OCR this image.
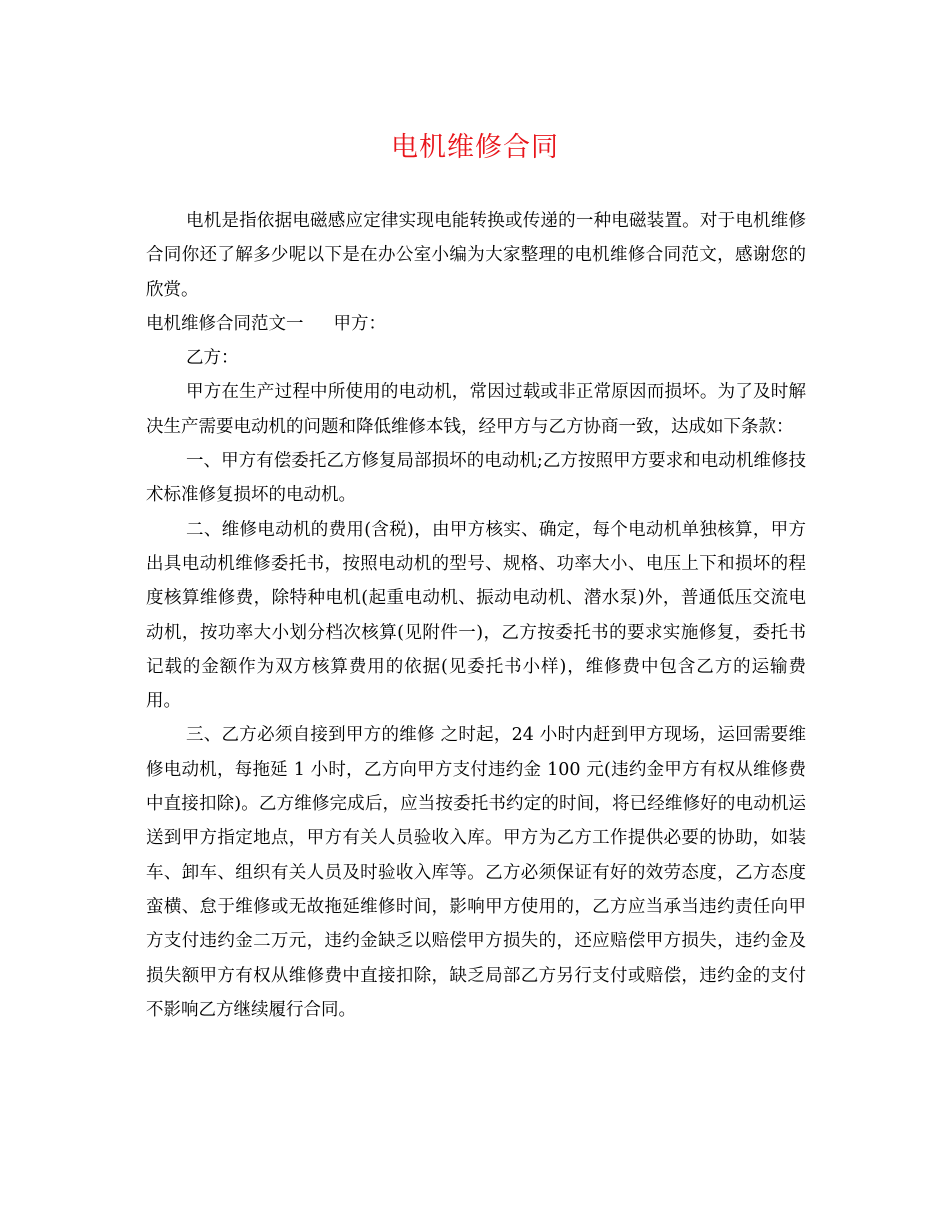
电机维修合同

电机是指依据电磁感应定律实现电能转换或传递的一种电磁装置。对于电机维修合同你还了解多少呢以下是在办公室小编为大家整理的电机维修合同范文，感谢您的欣赏。

电机维修合同范文一 甲方：

乙方：

甲方在生产过程中所使用的电动机，常因过载或非正常原因而损坏。为了及时解决生产需要电动机的问题和降低维修本钱，经甲方与乙方协商一致，达成如下条款：

一、甲方有偿委托乙方修复局部损坏的电动机;乙方按照甲方要求和电动机维修技术标准修复损坏的电动机。

二、维修电动机的费用(含税)，由甲方核实、确定，每个电动机单独核算，甲方出具电动机维修委托书，按照电动机的型号、规格、功率大小、电压上下和损坏的程度核算维修费，除特种电机(起重电动机、振动电动机、潜水泵)外，普通低压交流电动机，按功率大小划分档次核算(见附件一)，乙方按委托书的要求实施修复，委托书记载的金额作为双方核算费用的依据(见委托书小样)，维修费中包含乙方的运输费用。

三、乙方必须自接到甲方的维修 之时起，24 小时内赶到甲方现场，运回需要维修电动机，每拖延 1 小时，乙方向甲方支付违约金 100 元(违约金甲方有权从维修费中直接扣除)。乙方维修完成后，应当按委托书约定的时间，将已经维修好的电动机运送到甲方指定地点，甲方有关人员验收入库。甲方为乙方工作提供必要的协助，如装车、卸车、组织有关人员及时验收入库等。乙方必须保证有好的效劳态度，乙方态度蛮横、怠于维修或无故拖延维修时间，影响甲方使用的，乙方应当承当违约责任向甲方支付违约金二万元，违约金缺乏以赔偿甲方损失的，还应赔偿甲方损失，违约金及损失额甲方有权从维修费中直接扣除，缺乏局部乙方另行支付或赔偿，违约金的支付不影响乙方继续履行合同。
